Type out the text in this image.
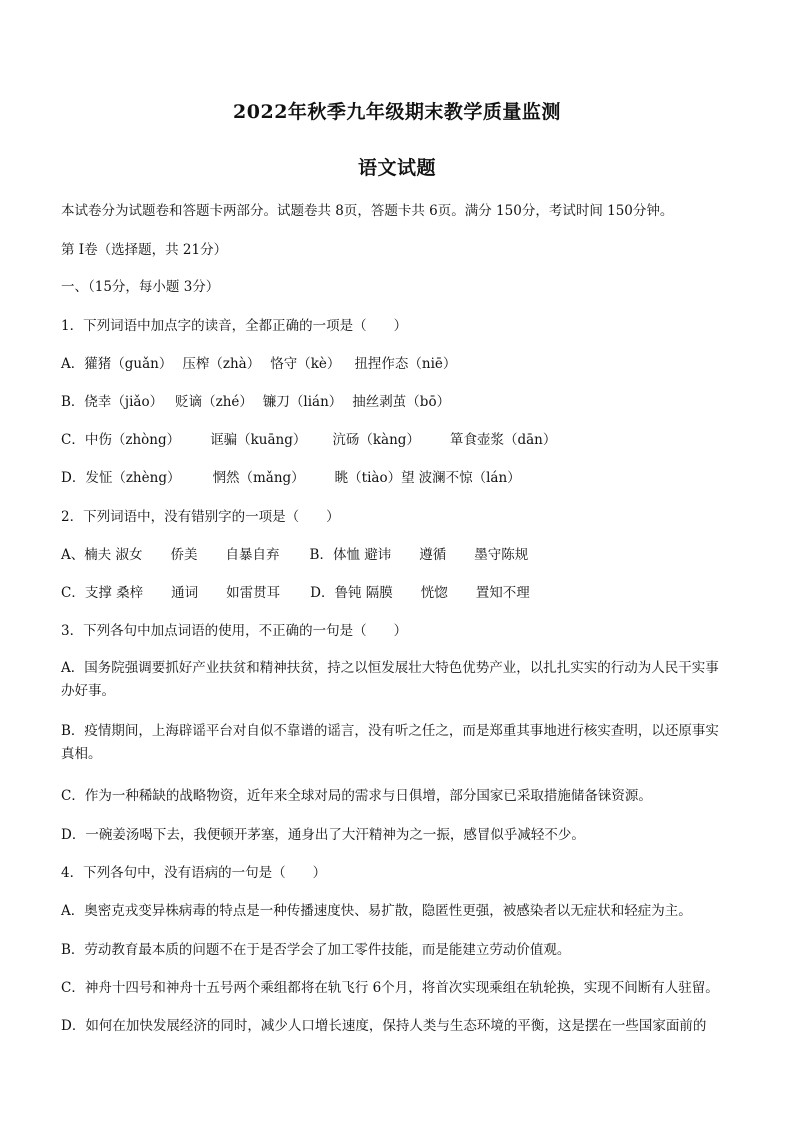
2022年秋季九年级期末教学质量监测
语文试题
本试卷分为试题卷和答题卡两部分。试题卷共 8页，答题卡共 6页。满分 150分，考试时间 150分钟。
第 I卷（选择题，共 21分）
一、（15分，每小题 3分）
1．下列词语中加点字的读音，全都正确的一项是（　　）
A．獾猪（guǎn） 压榨（zhà） 恪守（kè） 扭捏作态（niē）
B．侥幸（jiǎo） 贬谪（zhé） 镰刀（lián） 抽丝剥茧（bō）
C．中伤（zhòng） 诓骗（kuāng） 沆砀（kàng） 箪食壶浆（dān）
D．发怔（zhèng） 惘然（mǎng） 眺（tiào）望 波澜不惊（lán）
2．下列词语中，没有错别字的一项是（　　）
A、楠夫 淑女 侨美 自暴自弃 B．体恤 避讳 遵循 墨守陈规
C．支撑 桑梓 通词 如雷贯耳 D．鲁钝 隔膜 恍惚 置知不理
3．下列各句中加点词语的使用，不正确的一句是（　　）
A．国务院强调要抓好产业扶贫和精神扶贫，持之以恒发展壮大特色优势产业，以扎扎实实的行动为人民干实事办好事。
B．疫情期间，上海辟谣平台对自似不靠谱的谣言，没有听之任之，而是郑重其事地进行核实查明，以还原事实真相。
C．作为一种稀缺的战略物资，近年来全球对局的需求与日俱增，部分国家已采取措施储备铼资源。
D．一碗姜汤喝下去，我便顿开茅塞，通身出了大汗精神为之一振，感冒似乎减轻不少。
4．下列各句中，没有语病的一句是（　　）
A．奥密克戎变异株病毒的特点是一种传播速度快、易扩散，隐匿性更强，被感染者以无症状和轻症为主。
B．劳动教育最本质的问题不在于是否学会了加工零件技能，而是能建立劳动价值观。
C．神舟十四号和神舟十五号两个乘组都将在轨飞行 6个月，将首次实现乘组在轨轮换，实现不间断有人驻留。
D．如何在加快发展经济的同时，减少人口增长速度，保持人类与生态环境的平衡，这是摆在一些国家面前的
